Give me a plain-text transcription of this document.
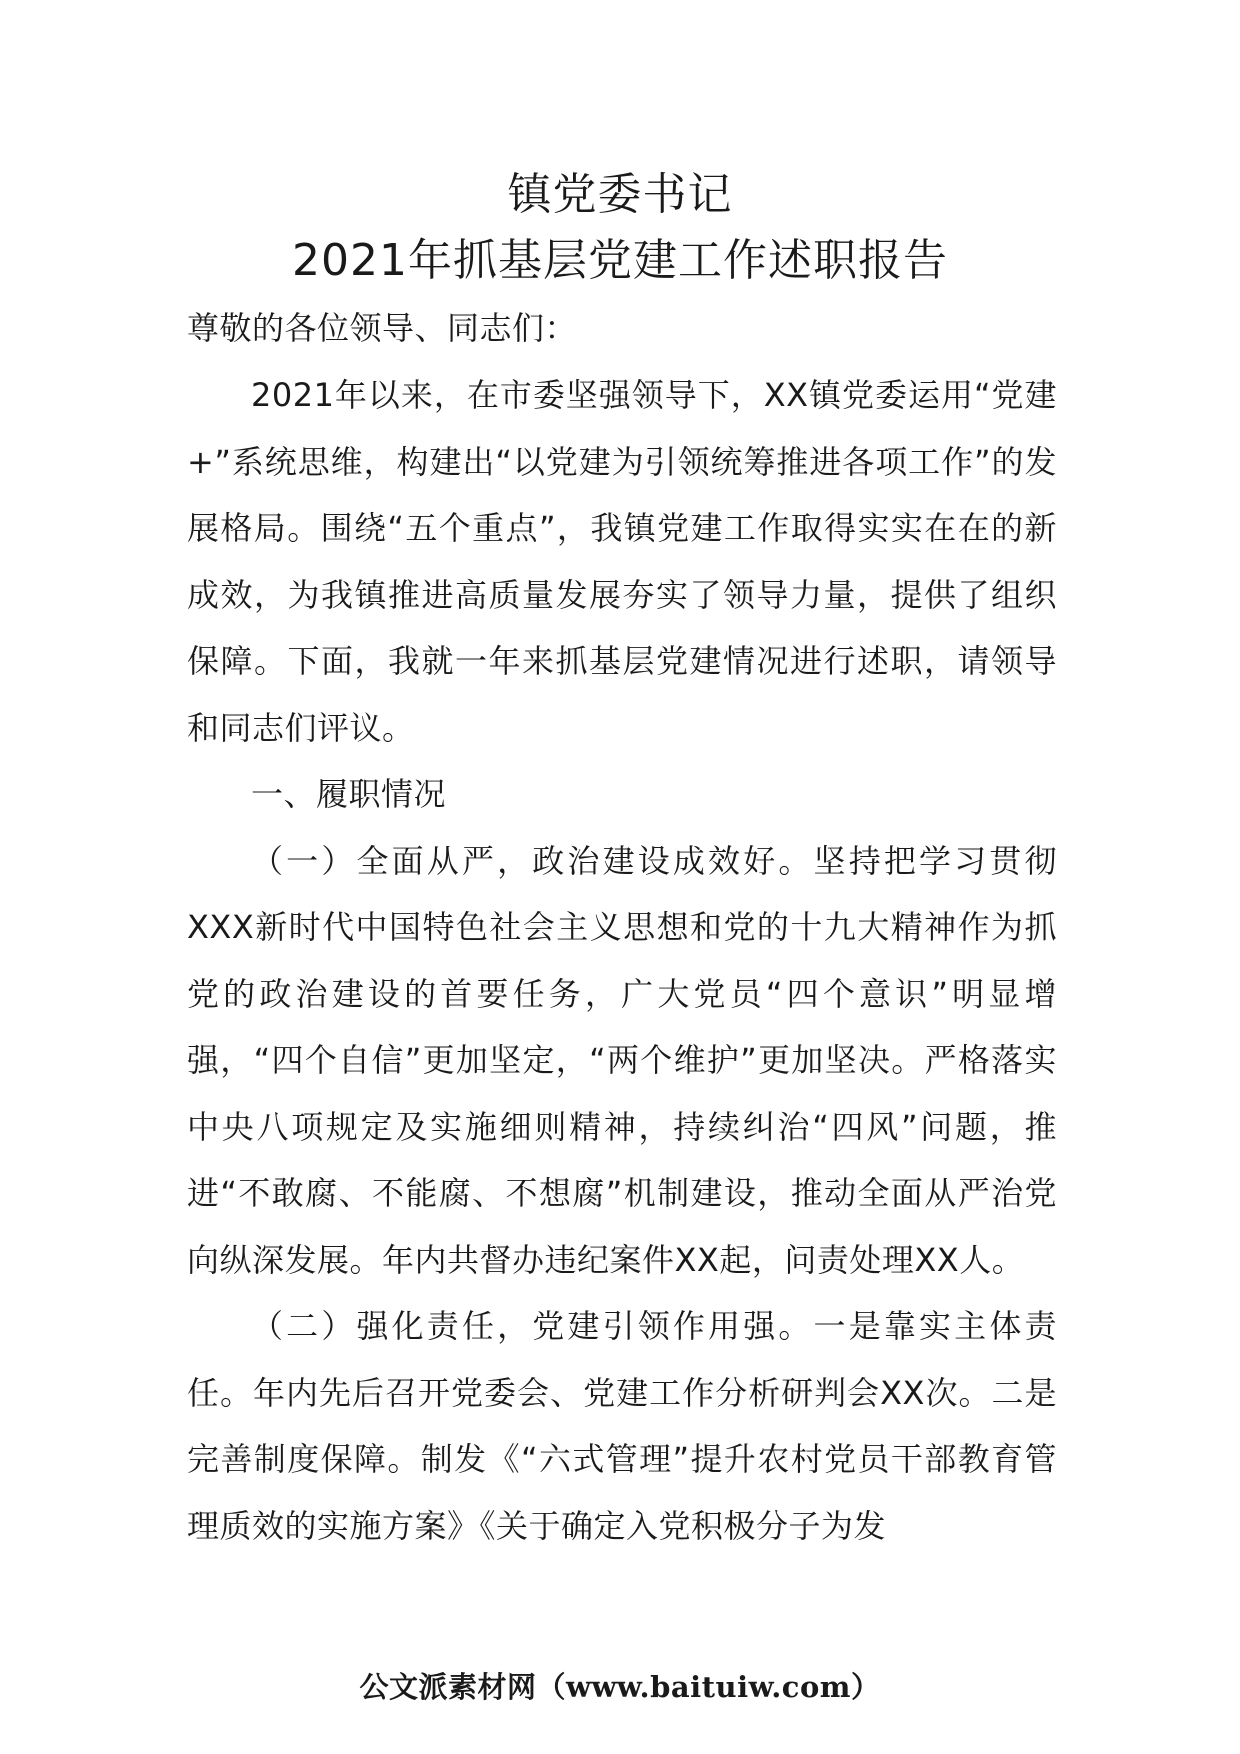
镇党委书记
2021年抓基层党建工作述职报告

尊敬的各位领导、同志们：

2021年以来，在市委坚强领导下，XX镇党委运用“党建+”系统思维，构建出“以党建为引领统筹推进各项工作”的发展格局。围绕“五个重点”，我镇党建工作取得实实在在的新成效，为我镇推进高质量发展夯实了领导力量，提供了组织保障。下面，我就一年来抓基层党建情况进行述职，请领导和同志们评议。

一、履职情况

（一）全面从严，政治建设成效好。坚持把学习贯彻XXX新时代中国特色社会主义思想和党的十九大精神作为抓党的政治建设的首要任务，广大党员“四个意识”明显增强，“四个自信”更加坚定，“两个维护”更加坚决。严格落实中央八项规定及实施细则精神，持续纠治“四风”问题，推进“不敢腐、不能腐、不想腐”机制建设，推动全面从严治党向纵深发展。年内共督办违纪案件XX起，问责处理XX人。

（二）强化责任，党建引领作用强。一是靠实主体责任。年内先后召开党委会、党建工作分析研判会XX次。二是完善制度保障。制发《“六式管理”提升农村党员干部教育管理质效的实施方案》《关于确定入党积极分子为发

公文派素材网（www.baituiw.com）
